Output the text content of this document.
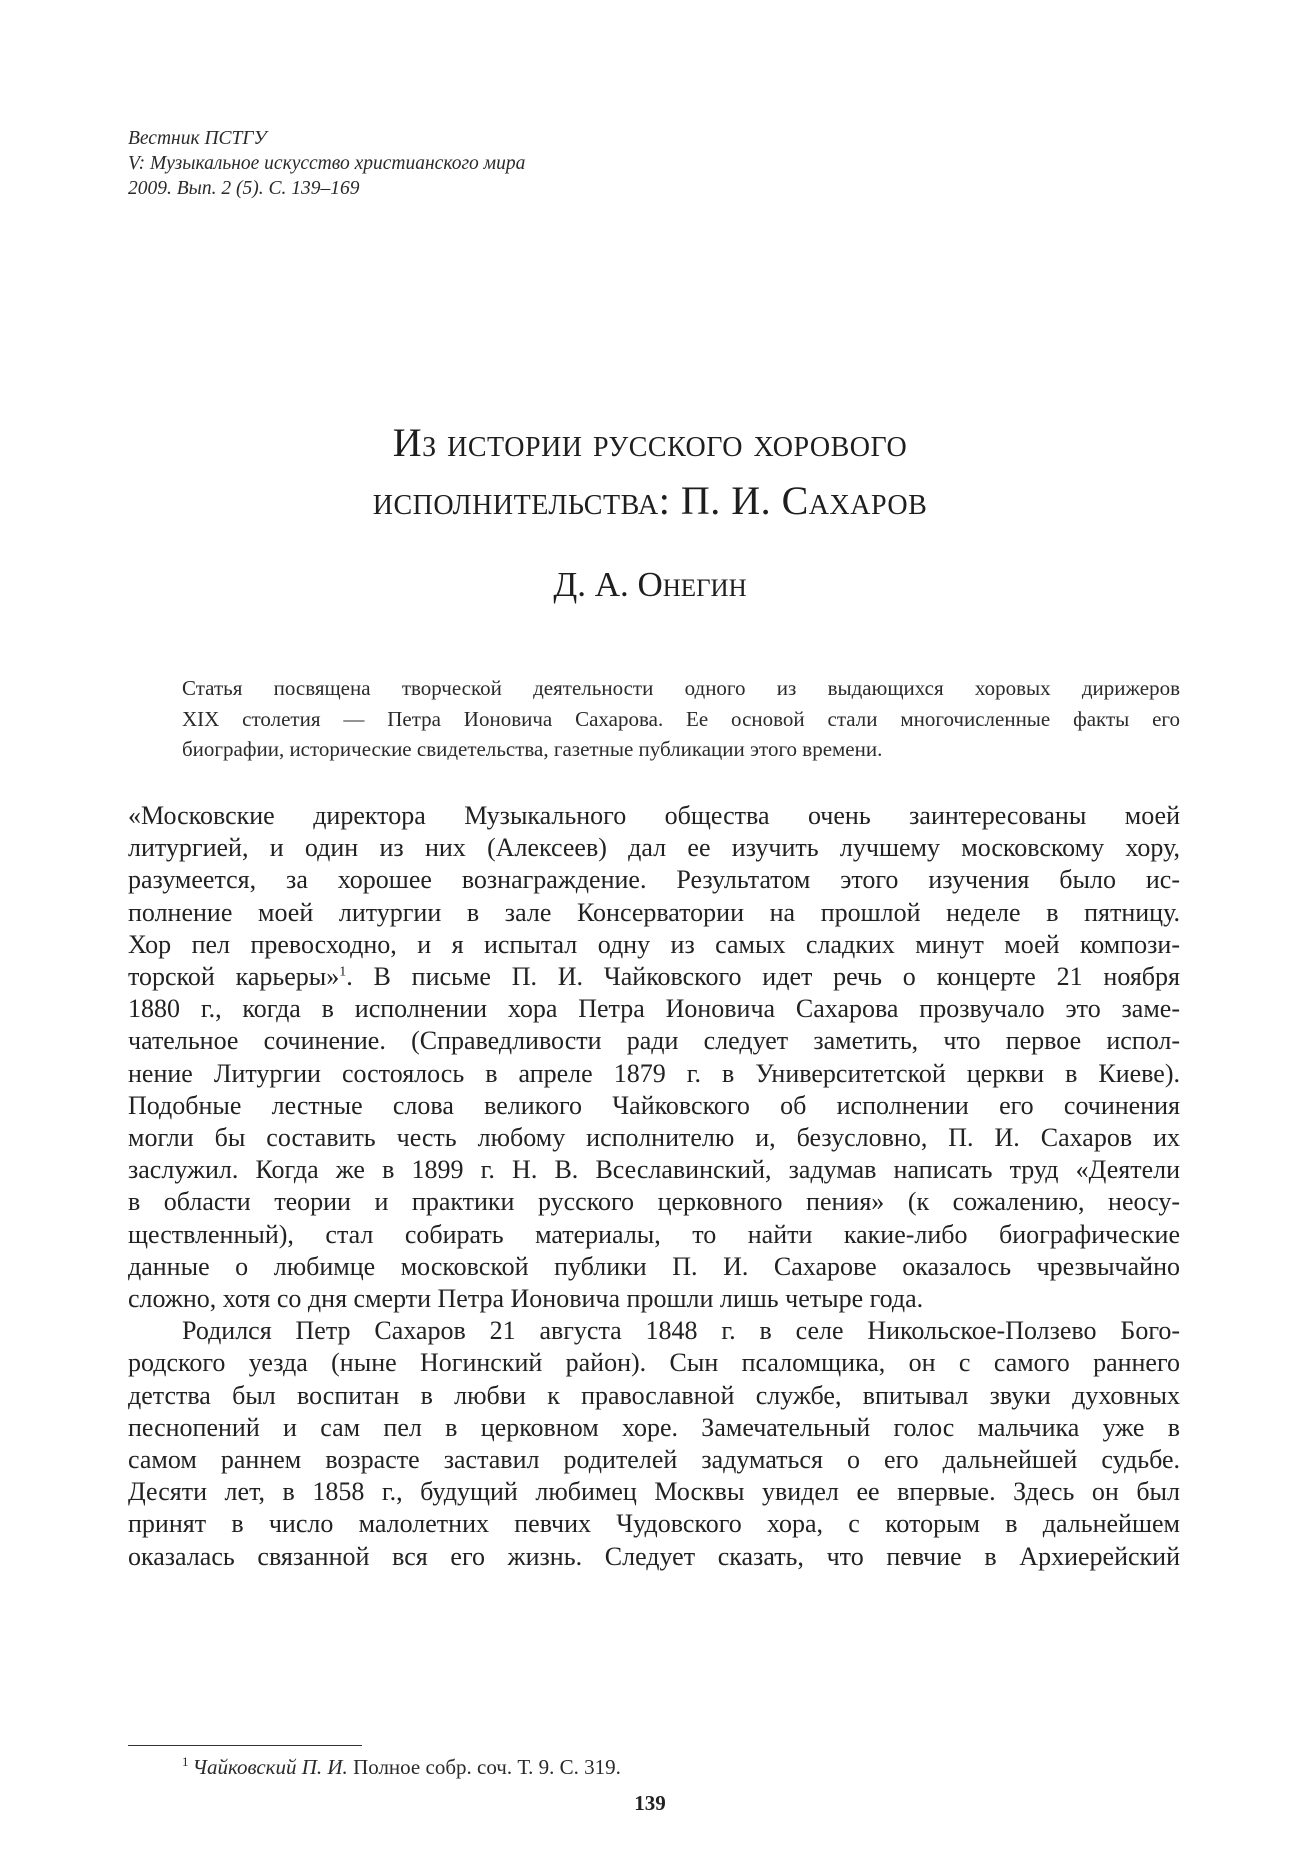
Вестник ПСТГУ
V: Музыкальное искусство христианского мира
2009. Вып. 2 (5). С. 139–169
Из истории русского хорового
исполнительства: П. И. Сахаров
Д. А. Онегин
Статья посвящена творческой деятельности одного из выдающихся хоровых дирижеров
XIX столетия — Петра Ионовича Сахарова. Ее основой стали многочисленные факты его
биографии, исторические свидетельства, газетные публикации этого времени.
«Московские директора Музыкального общества очень заинтересованы моей
литургией, и один из них (Алексеев) дал ее изучить лучшему московскому хору,
разумеется, за хорошее вознаграждение. Результатом этого изучения было ис-
полнение моей литургии в зале Консерватории на прошлой неделе в пятницу.
Хор пел превосходно, и я испытал одну из самых сладких минут моей компози-
торской карьеры»$^1$. В письме П. И. Чайковского идет речь о концерте 21 ноября
1880 г., когда в исполнении хора Петра Ионовича Сахарова прозвучало это заме-
чательное сочинение. (Справедливости ради следует заметить, что первое испол-
нение Литургии состоялось в апреле 1879 г. в Университетской церкви в Киеве).
Подобные лестные слова великого Чайковского об исполнении его сочинения
могли бы составить честь любому исполнителю и, безусловно, П. И. Сахаров их
заслужил. Когда же в 1899 г. Н. В. Всеславинский, задумав написать труд «Деятели
в области теории и практики русского церковного пения» (к сожалению, неосу-
ществленный), стал собирать материалы, то найти какие-либо биографические
данные о любимце московской публики П. И. Сахарове оказалось чрезвычайно
сложно, хотя со дня смерти Петра Ионовича прошли лишь четыре года.
Родился Петр Сахаров 21 августа 1848 г. в селе Никольское-Ползево Бого-
родского уезда (ныне Ногинский район). Сын псаломщика, он с самого раннего
детства был воспитан в любви к православной службе, впитывал звуки духовных
песнопений и сам пел в церковном хоре. Замечательный голос мальчика уже в
самом раннем возрасте заставил родителей задуматься о его дальнейшей судьбе.
Десяти лет, в 1858 г., будущий любимец Москвы увидел ее впервые. Здесь он был
принят в число малолетних певчих Чудовского хора, с которым в дальнейшем
оказалась связанной вся его жизнь. Следует сказать, что певчие в Архиерейский
$^1$ Чайковский П. И. Полное собр. соч. Т. 9. С. 319.
139
